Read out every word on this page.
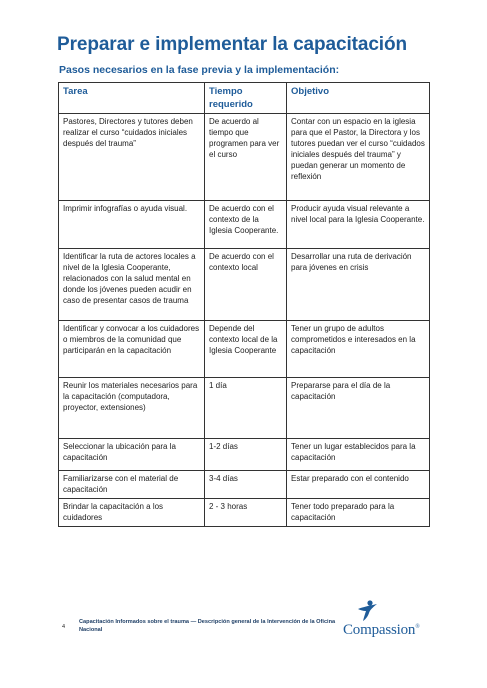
Preparar e implementar la capacitación
Pasos necesarios en la fase previa y la implementación:
Tarea	Tiempo requerido	Objetivo
Pastores, Directores y tutores deben realizar el curso “cuidados iniciales después del trauma”	De acuerdo al tiempo que programen para ver el curso	Contar con un espacio en la iglesia para que el Pastor, la Directora y los tutores puedan ver el curso “cuidados iniciales después del trauma” y puedan generar un momento de reflexión
Imprimir infografías o ayuda visual.	De acuerdo con el contexto de la Iglesia Cooperante.	Producir ayuda visual relevante a nivel local para la Iglesia Cooperante.
Identificar la ruta de actores locales a nivel de la Iglesia Cooperante, relacionados con la salud mental en donde los jóvenes pueden acudir en caso de presentar casos de trauma	De acuerdo con el contexto local	Desarrollar una ruta de derivación para jóvenes en crisis
Identificar y convocar a los cuidadores o miembros de la comunidad que participarán en la capacitación	Depende del contexto local de la Iglesia Cooperante	Tener un grupo de adultos comprometidos e interesados en la capacitación
Reunir los materiales necesarios para la capacitación (computadora, proyector, extensiones)	1 día	Prepararse para el día de la capacitación
Seleccionar la ubicación para la capacitación	1-2 días	Tener un lugar establecidos para la capacitación
Familiarizarse con el material de capacitación	3-4 días	Estar preparado con el contenido
Brindar la capacitación a los cuidadores	2 - 3 horas	Tener todo preparado para la capacitación
4
Capacitación Informados sobre el trauma — Descripción general de la Intervención de la Oficina Nacional	Compassion®
